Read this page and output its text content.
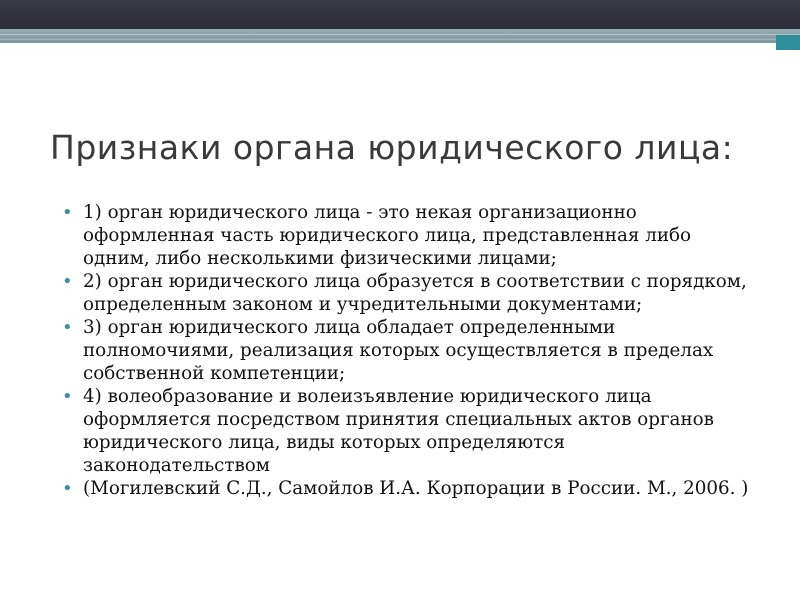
Признаки органа юридического лица:
• 1) орган юридического лица - это некая организационно оформленная часть юридического лица, представленная либо одним, либо несколькими физическими лицами;
• 2) орган юридического лица образуется в соответствии с порядком, определенным законом и учредительными документами;
• 3) орган юридического лица обладает определенными полномочиями, реализация которых осуществляется в пределах собственной компетенции;
• 4) волеобразование и волеизъявление юридического лица оформляется посредством принятия специальных актов органов юридического лица, виды которых определяются законодательством
• (Могилевский С.Д., Самойлов И.А. Корпорации в России. М., 2006. )
